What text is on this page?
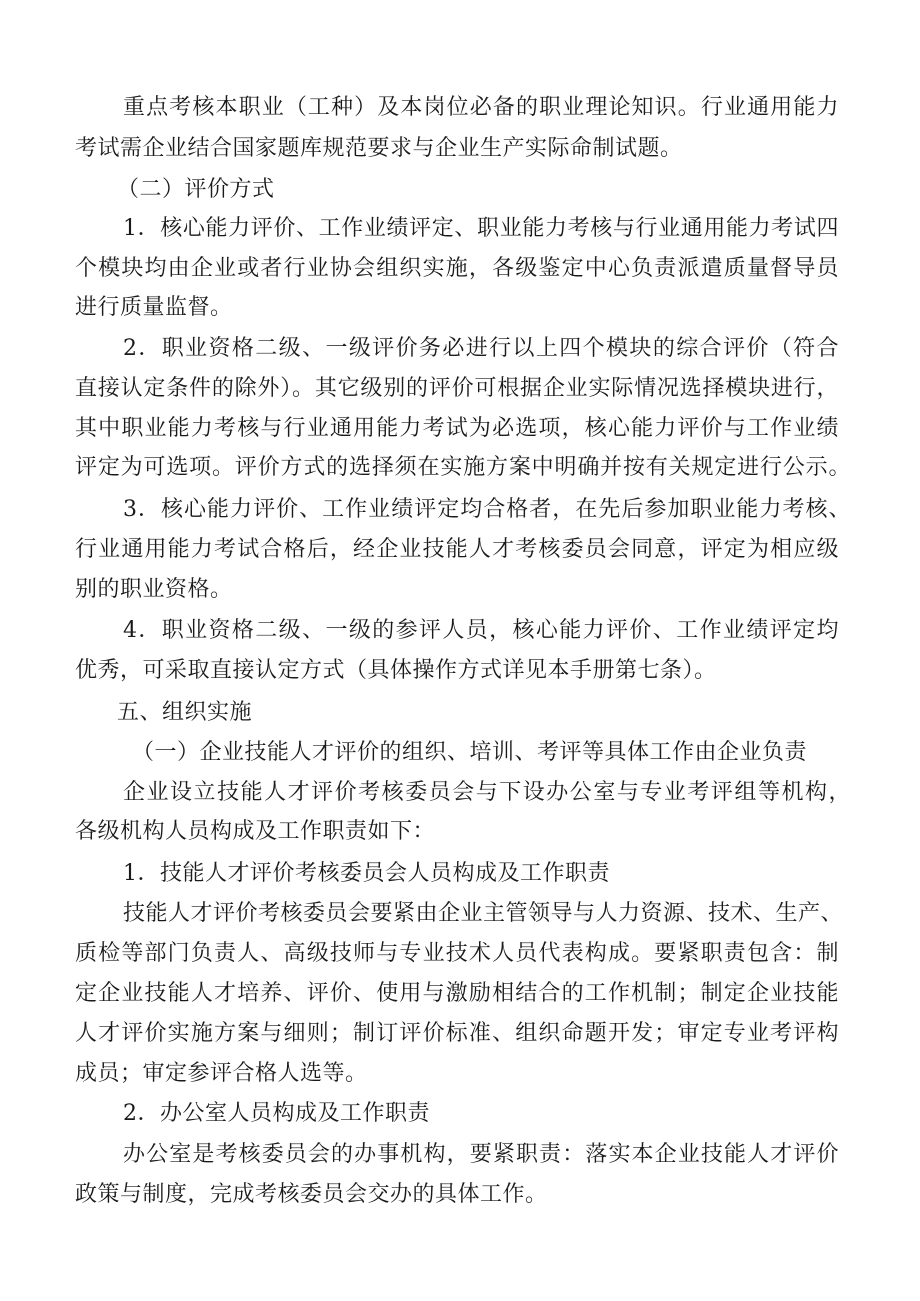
重点考核本职业（工种）及本岗位必备的职业理论知识。行业通用能力
考试需企业结合国家题库规范要求与企业生产实际命制试题。
（二）评价方式
1．核心能力评价、工作业绩评定、职业能力考核与行业通用能力考试四
个模块均由企业或者行业协会组织实施，各级鉴定中心负责派遣质量督导员
进行质量监督。
2．职业资格二级、一级评价务必进行以上四个模块的综合评价（符合
直接认定条件的除外）。其它级别的评价可根据企业实际情况选择模块进行，
其中职业能力考核与行业通用能力考试为必选项，核心能力评价与工作业绩
评定为可选项。评价方式的选择须在实施方案中明确并按有关规定进行公示。
3．核心能力评价、工作业绩评定均合格者，在先后参加职业能力考核、
行业通用能力考试合格后，经企业技能人才考核委员会同意，评定为相应级
别的职业资格。
4．职业资格二级、一级的参评人员，核心能力评价、工作业绩评定均
优秀，可采取直接认定方式（具体操作方式详见本手册第七条）。
五、组织实施
（一）企业技能人才评价的组织、培训、考评等具体工作由企业负责
企业设立技能人才评价考核委员会与下设办公室与专业考评组等机构，
各级机构人员构成及工作职责如下：
1．技能人才评价考核委员会人员构成及工作职责
技能人才评价考核委员会要紧由企业主管领导与人力资源、技术、生产、
质检等部门负责人、高级技师与专业技术人员代表构成。要紧职责包含：制
定企业技能人才培养、评价、使用与激励相结合的工作机制；制定企业技能
人才评价实施方案与细则；制订评价标准、组织命题开发；审定专业考评构
成员；审定参评合格人选等。
2．办公室人员构成及工作职责
办公室是考核委员会的办事机构，要紧职责：落实本企业技能人才评价
政策与制度，完成考核委员会交办的具体工作。
